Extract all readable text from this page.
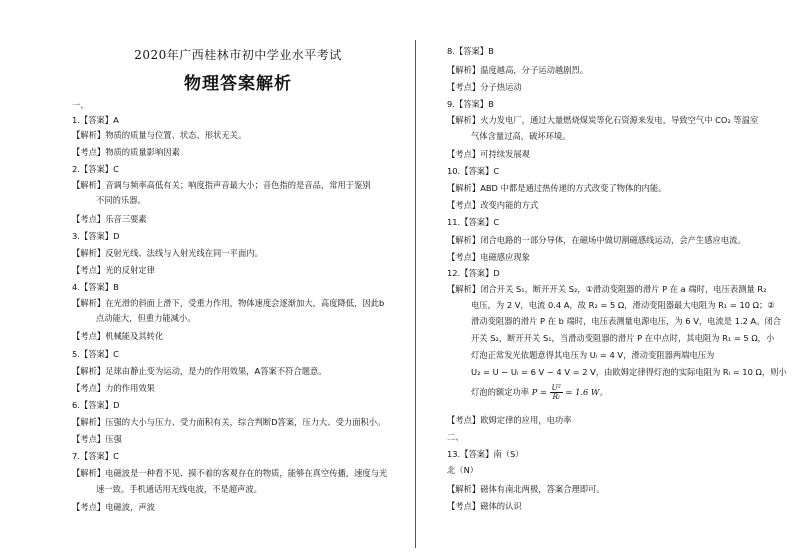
2020年广西桂林市初中学业水平考试
物理答案解析
一、
1.【答案】A
【解析】物质的质量与位置、状态、形状无关。
【考点】物质的质量影响因素
2.【答案】C
【解析】音调与频率高低有关；响度指声音最大小；音色指的是音品，常用于鉴别
不同的乐器。
【考点】乐音三要素
3.【答案】D
【解析】反射光线、法线与入射光线在同一平面内。
【考点】光的反射定律
4.【答案】B
【解析】在光滑的斜面上滑下，受重力作用，物体速度会逐渐加大，高度降低，因此b
点动能大，但重力能减小。
【考点】机械能及其转化
5.【答案】C
【解析】足球由静止变为运动，是力的作用效果，A答案不符合题意。
【考点】力的作用效果
6.【答案】D
【解析】压强的大小与压力、受力面积有关，综合判断D答案，压力大、受力面积小。
【考点】压强
7.【答案】C
【解析】电磁波是一种看不见、摸不着的客观存在的物质，能够在真空传播，速度与光
速一致。手机通话用无线电波，不是超声波。
【考点】电磁波，声波
8.【答案】B
【解析】温度越高，分子运动越剧烈。
【考点】分子热运动
9.【答案】B
【解析】火力发电厂，通过大量燃烧煤炭等化石资源来发电，导致空气中 CO₂ 等温室
气体含量过高，破坏环境。
【考点】可持续发展观
10.【答案】C
【解析】ABD 中都是通过热传递的方式改变了物体的内能。
【考点】改变内能的方式
11.【答案】C
【解析】闭合电路的一部分导体，在磁场中做切割磁感线运动，会产生感应电流。
【考点】电磁感应现象
12.【答案】D
【解析】闭合开关 S₁，断开开关 S₂，①滑动变阻器的滑片 P 在 a 端时，电压表测量 R₂
电压，为 2 V，电流 0.4 A，故 R₂ = 5 Ω，滑动变阻器最大电阻为 R₁ = 10 Ω；②
滑动变阻器的滑片 P 在 b 端时，电压表测量电源电压，为 6 V，电流是 1.2 A。闭合
开关 S₂，断开开关 S₁，当滑动变阻器的滑片 P 在中点时，其电阻为 R₁ = 5 Ω，小
灯泡正常发光依题意得其电压为 Uₗ = 4 V，滑动变阻器两端电压为
U₂ = U − Uₗ = 6 V − 4 V = 2 V，由欧姆定律得灯泡的实际电阻为 Rₗ = 10 Ω，则小
灯泡的额定功率 $P = \frac{\text{U²}}{\text{Rₗ}} = 1.6$ W。
【考点】欧姆定律的应用，电功率
二、
13.【答案】南（S）
北（N）
【解析】磁体有南北两极，答案合理即可。
【考点】磁体的认识
